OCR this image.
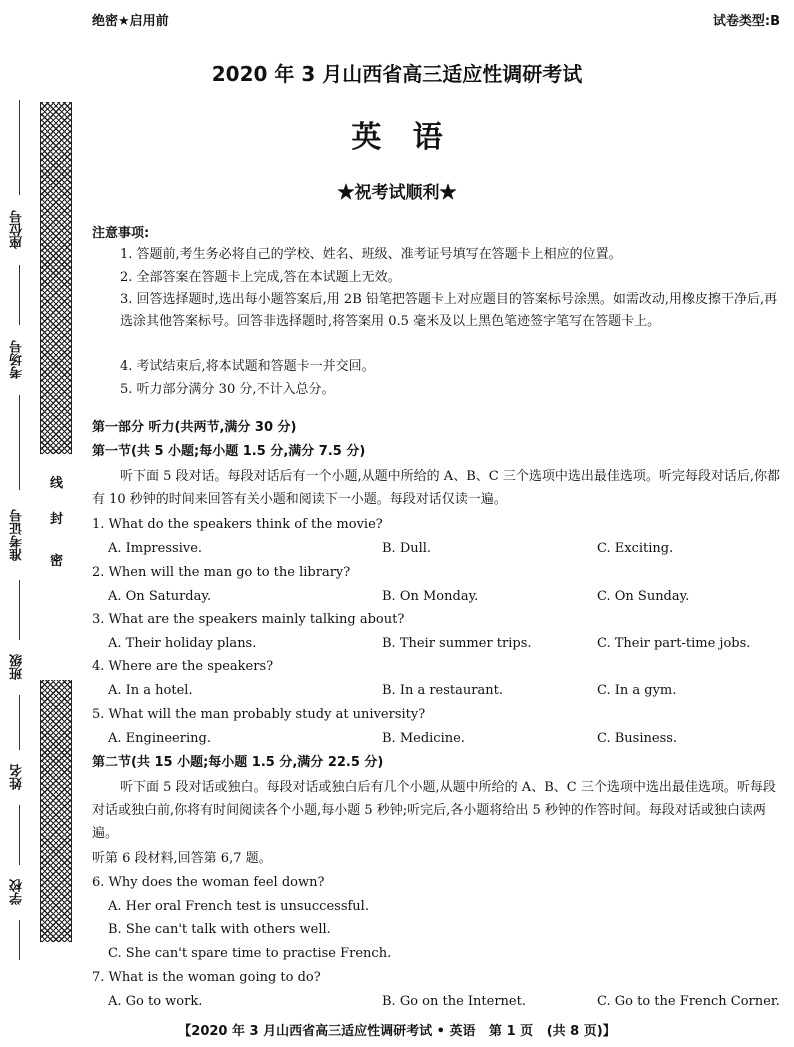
绝密★启用前	试卷类型:B
2020 年 3 月山西省高三适应性调研考试
英   语
★祝考试顺利★
座位号
考场号
准考证号
班级
姓名
学校
线
封
密
注意事项:
1. 答题前,考生务必将自己的学校、姓名、班级、准考证号填写在答题卡上相应的位置。
2. 全部答案在答题卡上完成,答在本试题上无效。
3. 回答选择题时,选出每小题答案后,用 2B 铅笔把答题卡上对应题目的答案标号涂黑。如需改动,用橡皮擦干净后,再选涂其他答案标号。回答非选择题时,将答案用 0.5 毫米及以上黑色笔迹签字笔写在答题卡上。
4. 考试结束后,将本试题和答题卡一并交回。
5. 听力部分满分 30 分,不计入总分。
第一部分 听力(共两节,满分 30 分)
第一节(共 5 小题;每小题 1.5 分,满分 7.5 分)
听下面 5 段对话。每段对话后有一个小题,从题中所给的 A、B、C 三个选项中选出最佳选项。听完每段对话后,你都有 10 秒钟的时间来回答有关小题和阅读下一小题。每段对话仅读一遍。
1. What do the speakers think of the movie?
A. Impressive.	B. Dull.	C. Exciting.
2. When will the man go to the library?
A. On Saturday.	B. On Monday.	C. On Sunday.
3. What are the speakers mainly talking about?
A. Their holiday plans.	B. Their summer trips.	C. Their part-time jobs.
4. Where are the speakers?
A. In a hotel.	B. In a restaurant.	C. In a gym.
5. What will the man probably study at university?
A. Engineering.	B. Medicine.	C. Business.
第二节(共 15 小题;每小题 1.5 分,满分 22.5 分)
听下面 5 段对话或独白。每段对话或独白后有几个小题,从题中所给的 A、B、C 三个选项中选出最佳选项。听每段对话或独白前,你将有时间阅读各个小题,每小题 5 秒钟;听完后,各小题将给出 5 秒钟的作答时间。每段对话或独白读两遍。
听第 6 段材料,回答第 6,7 题。
6. Why does the woman feel down?
A. Her oral French test is unsuccessful.
B. She can't talk with others well.
C. She can't spare time to practise French.
7. What is the woman going to do?
A. Go to work.	B. Go on the Internet.	C. Go to the French Corner.
【2020 年 3 月山西省高三适应性调研考试 • 英语   第 1 页   (共 8 页)】
